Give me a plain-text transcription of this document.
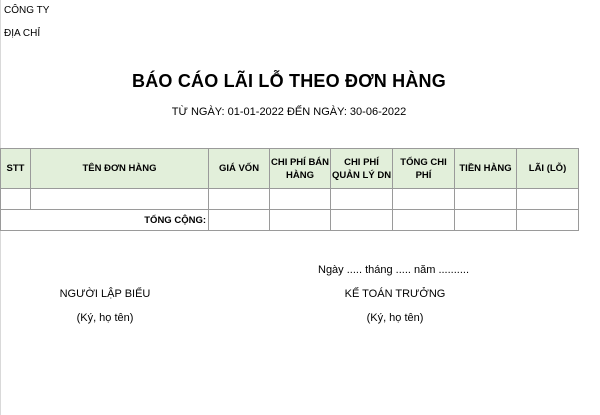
CÔNG TY
ĐỊA CHỈ
BÁO CÁO LÃI LỖ THEO ĐƠN HÀNG
TỪ NGÀY: 01-01-2022 ĐẾN NGÀY: 30-06-2022
STT	TÊN ĐƠN HÀNG	GIÁ VỐN	CHI PHÍ BÁN HÀNG	CHI PHÍ QUẢN LÝ DN	TỔNG CHI PHÍ	TIỀN HÀNG	LÃI (LỖ)

TỔNG CỘNG:							
Ngày ..... tháng ..... năm ..........
NGƯỜI LẬP BIỂU
(Ký, họ tên)
KẾ TOÁN TRƯỞNG
(Ký, họ tên)
